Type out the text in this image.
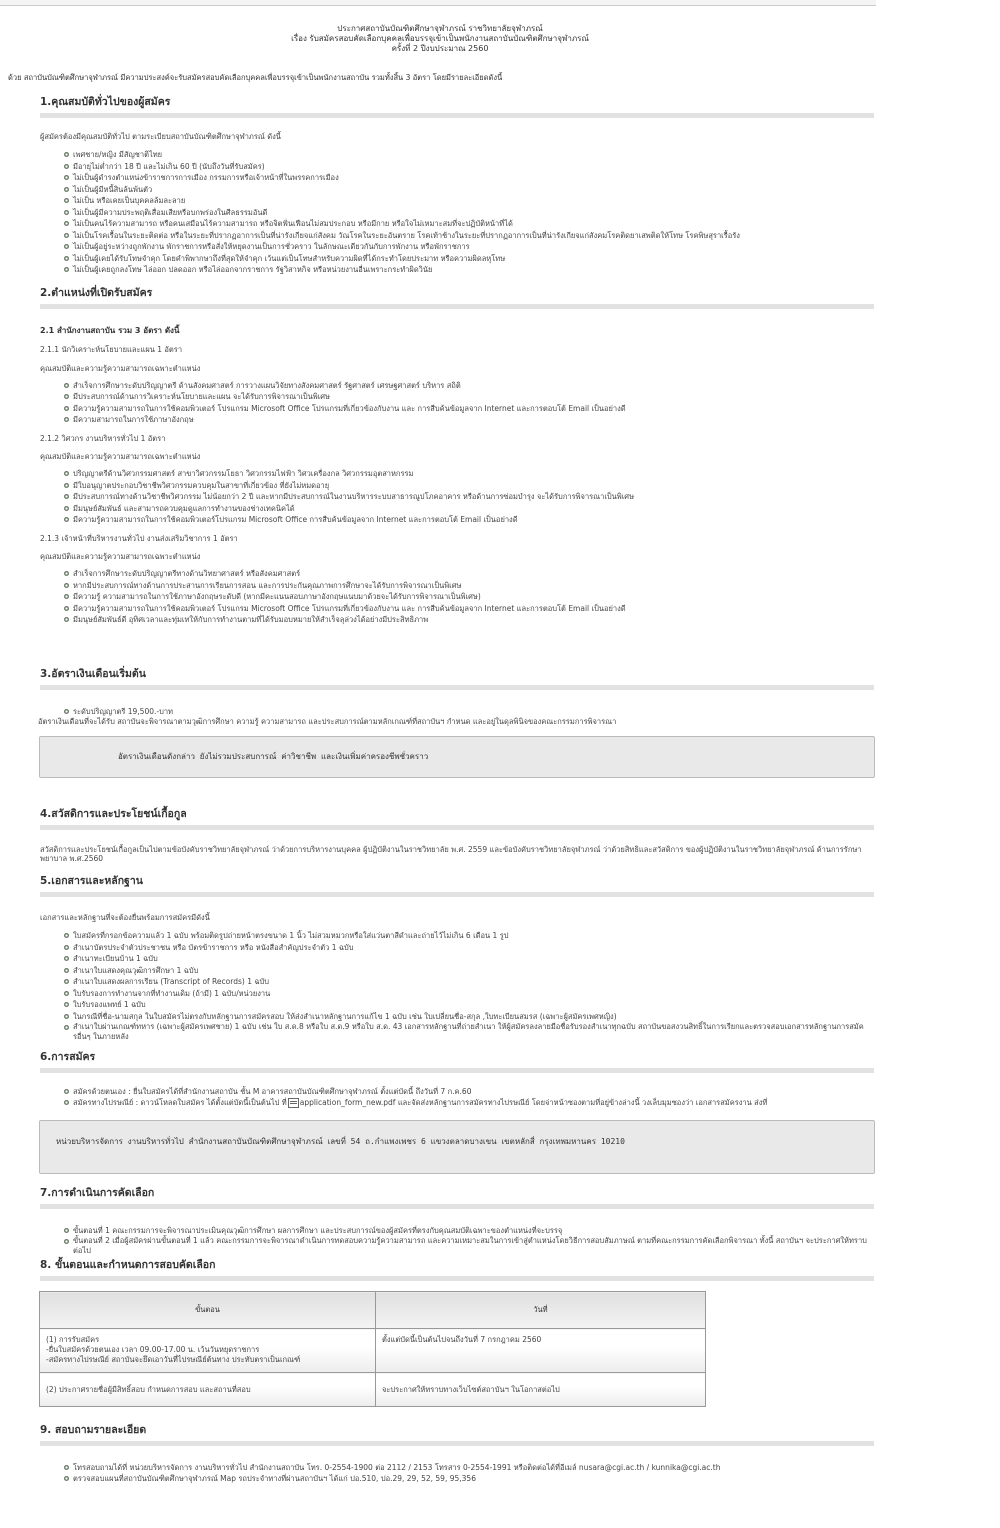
ประกาศสถาบันบัณฑิตศึกษาจุฬาภรณ์ ราชวิทยาลัยจุฬาภรณ์
เรื่อง รับสมัครสอบคัดเลือกบุคคลเพื่อบรรจุเข้าเป็นพนักงานสถาบันบัณฑิตศึกษาจุฬาภรณ์
ครั้งที่ 2 ปีงบประมาณ 2560
ด้วย สถาบันบัณฑิตศึกษาจุฬาภรณ์ มีความประสงค์จะรับสมัครสอบคัดเลือกบุคคลเพื่อบรรจุเข้าเป็นพนักงานสถาบัน รวมทั้งสิ้น 3 อัตรา โดยมีรายละเอียดดังนี้
1.คุณสมบัติทั่วไปของผู้สมัคร

ผู้สมัครต้องมีคุณสมบัติทั่วไป ตามระเบียบสถาบันบัณฑิตศึกษาจุฬาภรณ์ ดังนี้

เพศชาย/หญิง มีสัญชาติไทย
มีอายุไม่ต่ำกว่า 18 ปี และไม่เกิน 60 ปี (นับถึงวันที่รับสมัคร)
ไม่เป็นผู้ดำรงตำแหน่งข้าราชการการเมือง กรรมการหรือเจ้าหน้าที่ในพรรคการเมือง
ไม่เป็นผู้มีหนี้สินล้นพ้นตัว
ไม่เป็น หรือเคยเป็นบุคคลล้มละลาย
ไม่เป็นผู้มีความประพฤติเสื่อมเสียหรือบกพร่องในศีลธรรมอันดี
ไม่เป็นคนไร้ความสามารถ หรือคนเสมือนไร้ความสามารถ หรือจิตฟั่นเฟือนไม่สมประกอบ หรือมีกาย หรือใจไม่เหมาะสมที่จะปฏิบัติหน้าที่ได้
ไม่เป็นโรคเรื้อนในระยะติดต่อ หรือในระยะที่ปรากฏอาการเป็นที่น่ารังเกียจแก่สังคม วัณโรคในระยะอันตราย โรคเท้าช้างในระยะที่ปรากฏอาการเป็นที่น่ารังเกียจแก่สังคมโรคติดยาเสพติดให้โทษ โรคพิษสุราเรื้อรัง
ไม่เป็นผู้อยู่ระหว่างถูกพักงาน พักราชการหรือสั่งให้หยุดงานเป็นการชั่วคราว ในลักษณะเดียวกันกับการพักงาน หรือพักราชการ
ไม่เป็นผู้เคยได้รับโทษจำคุก โดยคำพิพากษาถึงที่สุดให้จำคุก เว้นแต่เป็นโทษสำหรับความผิดที่ได้กระทำโดยประมาท หรือความผิดลหุโทษ
ไม่เป็นผู้เคยถูกลงโทษ ไล่ออก ปลดออก หรือไล่ออกจากราชการ รัฐวิสาหกิจ หรือหน่วยงานอื่นเพราะกระทำผิดวินัย
2.ตำแหน่งที่เปิดรับสมัคร

2.1 สำนักงานสถาบัน รวม 3 อัตรา ดังนี้

2.1.1 นักวิเคราะห์นโยบายและแผน 1 อัตรา

คุณสมบัติและความรู้ความสามารถเฉพาะตำแหน่ง

สำเร็จการศึกษาระดับปริญญาตรี ด้านสังคมศาสตร์ การวางแผนวิจัยทางสังคมศาสตร์ รัฐศาสตร์ เศรษฐศาสตร์ บริหาร สถิติ
มีประสบการณ์ด้านการวิเคราะห์นโยบายและแผน จะได้รับการพิจารณาเป็นพิเศษ
มีความรู้ความสามารถในการใช้คอมพิวเตอร์ โปรแกรม Microsoft Office โปรแกรมที่เกี่ยวข้องกับงาน และ การสืบค้นข้อมูลจาก Internet และการตอบโต้ Email เป็นอย่างดี
มีความสามารถในการใช้ภาษาอังกฤษ

2.1.2 วิศวกร งานบริหารทั่วไป 1 อัตรา

คุณสมบัติและความรู้ความสามารถเฉพาะตำแหน่ง

ปริญญาตรีด้านวิศวกรรมศาสตร์ สาขาวิศวกรรมโยธา วิศวกรรมไฟฟ้า วิศวเครื่องกล วิศวกรรมอุตสาหกรรม
มีใบอนุญาตประกอบวิชาชีพวิศวกรรมควบคุมในสาขาที่เกี่ยวข้อง ที่ยังไม่หมดอายุ
มีประสบการณ์ทางด้านวิชาชีพวิศวกรรม ไม่น้อยกว่า 2 ปี และหากมีประสบการณ์ในงานบริหารระบบสาธารณูปโภคอาคาร หรือด้านการซ่อมบำรุง จะได้รับการพิจารณาเป็นพิเศษ
มีมนุษย์สัมพันธ์ และสามารถควบคุมดูแลการทำงานของช่างเทคนิคได้
มีความรู้ความสามารถในการใช้คอมพิวเตอร์โปรแกรม Microsoft Office การสืบค้นข้อมูลจาก Internet และการตอบโต้ Email เป็นอย่างดี

2.1.3 เจ้าหน้าที่บริหารงานทั่วไป งานส่งเสริมวิชาการ 1 อัตรา

คุณสมบัติและความรู้ความสามารถเฉพาะตำแหน่ง

สำเร็จการศึกษาระดับปริญญาตรีทางด้านวิทยาศาสตร์ หรือสังคมศาสตร์
หากมีประสบการณ์ทางด้านการประสานการเรียนการสอน และการประกันคุณภาพการศึกษาจะได้รับการพิจารณาเป็นพิเศษ
มีความรู้ ความสามารถในการใช้ภาษาอังกฤษระดับดี (หากมีคะแนนสอบภาษาอังกฤษแนบมาด้วยจะได้รับการพิจารณาเป็นพิเศษ)
มีความรู้ความสามารถในการใช้คอมพิวเตอร์ โปรแกรม Microsoft Office โปรแกรมที่เกี่ยวข้องกับงาน และ การสืบค้นข้อมูลจาก Internet และการตอบโต้ Email เป็นอย่างดี
มีมนุษย์สัมพันธ์ดี อุทิศเวลาและทุ่มเทให้กับการทำงานตามที่ได้รับมอบหมายให้สำเร็จลุล่วงได้อย่างมีประสิทธิภาพ
3.อัตราเงินเดือนเริ่มต้น
ระดับปริญญาตรี 19,500.-บาท

อัตราเงินเดือนที่จะได้รับ สถาบันจะพิจารณาตามวุฒิการศึกษา ความรู้ ความสามารถ และประสบการณ์ตามหลักเกณฑ์ที่สถาบันฯ กำหนด และอยู่ในดุลพินิจของคณะกรรมการพิจารณา

อัตราเงินเดือนดังกล่าว ยังไม่รวมประสบการณ์ ค่าวิชาชีพ และเงินเพิ่มค่าครองชีพชั่วคราว
4.สวัสดิการและประโยชน์เกื้อกูล

สวัสดิการและประโยชน์เกื้อกูลเป็นไปตามข้อบังคับราชวิทยาลัยจุฬาภรณ์ ว่าด้วยการบริหารงานบุคคล ผู้ปฏิบัติงานในราชวิทยาลัย พ.ศ. 2559 และข้อบังคับราชวิทยาลัยจุฬาภรณ์ ว่าด้วยสิทธิและสวัสดิการ ของผู้ปฏิบัติงานในราชวิทยาลัยจุฬาภรณ์ ด้านการรักษาพยาบาล พ.ศ.2560

5.เอกสารและหลักฐาน

เอกสารและหลักฐานที่จะต้องยื่นพร้อมการสมัครมีดังนี้

ใบสมัครที่กรอกข้อความแล้ว 1 ฉบับ พร้อมติดรูปถ่ายหน้าตรงขนาด 1 นิ้ว ไม่สวมหมวกหรือใส่แว่นตาสีดำและถ่ายไว้ไม่เกิน 6 เดือน 1 รูป
สำเนาบัตรประจำตัวประชาชน หรือ บัตรข้าราชการ หรือ หนังสือสำคัญประจำตัว 1 ฉบับ
สำเนาทะเบียนบ้าน 1 ฉบับ
สำเนาใบแสดงคุณวุฒิการศึกษา 1 ฉบับ
สำเนาใบแสดงผลการเรียน (Transcript of Records) 1 ฉบับ
ใบรับรองการทำงานจากที่ทำงานเดิม (ถ้ามี) 1 ฉบับ/หน่วยงาน
ใบรับรองแพทย์ 1 ฉบับ
ในกรณีที่ชื่อ-นามสกุล ในใบสมัครไม่ตรงกับหลักฐานการสมัครสอบ ให้ส่งสำเนาหลักฐานการแก้ไข 1 ฉบับ เช่น ใบเปลี่ยนชื่อ-สกุล ,ใบทะเบียนสมรส (เฉพาะผู้สมัครเพศหญิง)
สำเนาใบผ่านเกณฑ์ทหาร (เฉพาะผู้สมัครเพศชาย) 1 ฉบับ เช่น ใบ ส.ด.8 หรือใบ ส.ด.9 หรือใบ ส.ด. 43 เอกสารหลักฐานที่ถ่ายสำเนา ให้ผู้สมัครลงลายมือชื่อรับรองสำเนาทุกฉบับ สถาบันขอสงวนสิทธิ์ในการเรียกและตรวจสอบเอกสารหลักฐานการสมัครอื่นๆ ในภายหลัง
6.การสมัคร
สมัครด้วยตนเอง : ยื่นใบสมัครได้ที่สำนักงานสถาบัน ชั้น M อาคารสถาบันบัณฑิตศึกษาจุฬาภรณ์ ตั้งแต่บัดนี้ ถึงวันที่ 7 ก.ค.60
สมัครทางไปรษณีย์ : ดาวน์โหลดใบสมัคร ได้ตั้งแต่บัดนี้เป็นต้นไป ที่ application_form_new.pdf และจัดส่งหลักฐานการสมัครทางไปรษณีย์ โดยจ่าหน้าซองตามที่อยู่ข้างล่างนี้ วงเล็บมุมซองว่า เอกสารสมัครงาน ส่งที่
หน่วยบริหารจัดการ งานบริหารทั่วไป สำนักงานสถาบันบัณฑิตศึกษาจุฬาภรณ์ เลขที่ 54 ถ.กำแพงเพชร 6 แขวงตลาดบางเขน เขตหลักสี่ กรุงเทพมหานคร 10210
7.การดำเนินการคัดเลือก
ขั้นตอนที่ 1 คณะกรรมการจะพิจารณาประเมินคุณวุฒิการศึกษา ผลการศึกษา และประสบการณ์ของผู้สมัครที่ตรงกับคุณสมบัติเฉพาะของตำแหน่งที่จะบรรจุ
ขั้นตอนที่ 2 เมื่อผู้สมัครผ่านขั้นตอนที่ 1 แล้ว คณะกรรมการจะพิจารณาดำเนินการทดสอบความรู้ความสามารถ และความเหมาะสมในการเข้าสู่ตำแหน่งโดยวิธีการสอบสัมภาษณ์ ตามที่คณะกรรมการคัดเลือกพิจารณา ทั้งนี้ สถาบันฯ จะประกาศให้ทราบต่อไป
8. ขั้นตอนและกำหนดการสอบคัดเลือก
ขั้นตอน	วันที่

(1) การรับสมัคร
-ยื่นใบสมัครด้วยตนเอง เวลา 09.00-17.00 น. เว้นวันหยุดราชการ
-สมัครทางไปรษณีย์ สถาบันจะยึดเอาวันที่ไปรษณีย์ต้นทาง ประทับตราเป็นเกณฑ์	ตั้งแต่บัดนี้เป็นต้นไปจนถึงวันที่ 7 กรกฎาคม 2560
(2) ประกาศรายชื่อผู้มีสิทธิ์สอบ กำหนดการสอบ และสถานที่สอบ	จะประกาศให้ทราบทางเว็บไซต์สถาบันฯ ในโอกาสต่อไป
9. สอบถามรายละเอียด
โทรสอบถามได้ที่ หน่วยบริหารจัดการ งานบริหารทั่วไป สำนักงานสถาบัน โทร. 0-2554-1900 ต่อ 2112 / 2153 โทรสาร 0-2554-1991 หรือติดต่อได้ที่อีเมล์ nusara@cgi.ac.th / kunnika@cgi.ac.th
ตรวจสอบแผนที่สถาบันบัณฑิตศึกษาจุฬาภรณ์ Map รถประจำทางที่ผ่านสถาบันฯ ได้แก่ ปอ.510, ปอ.29, 29, 52, 59, 95,356
